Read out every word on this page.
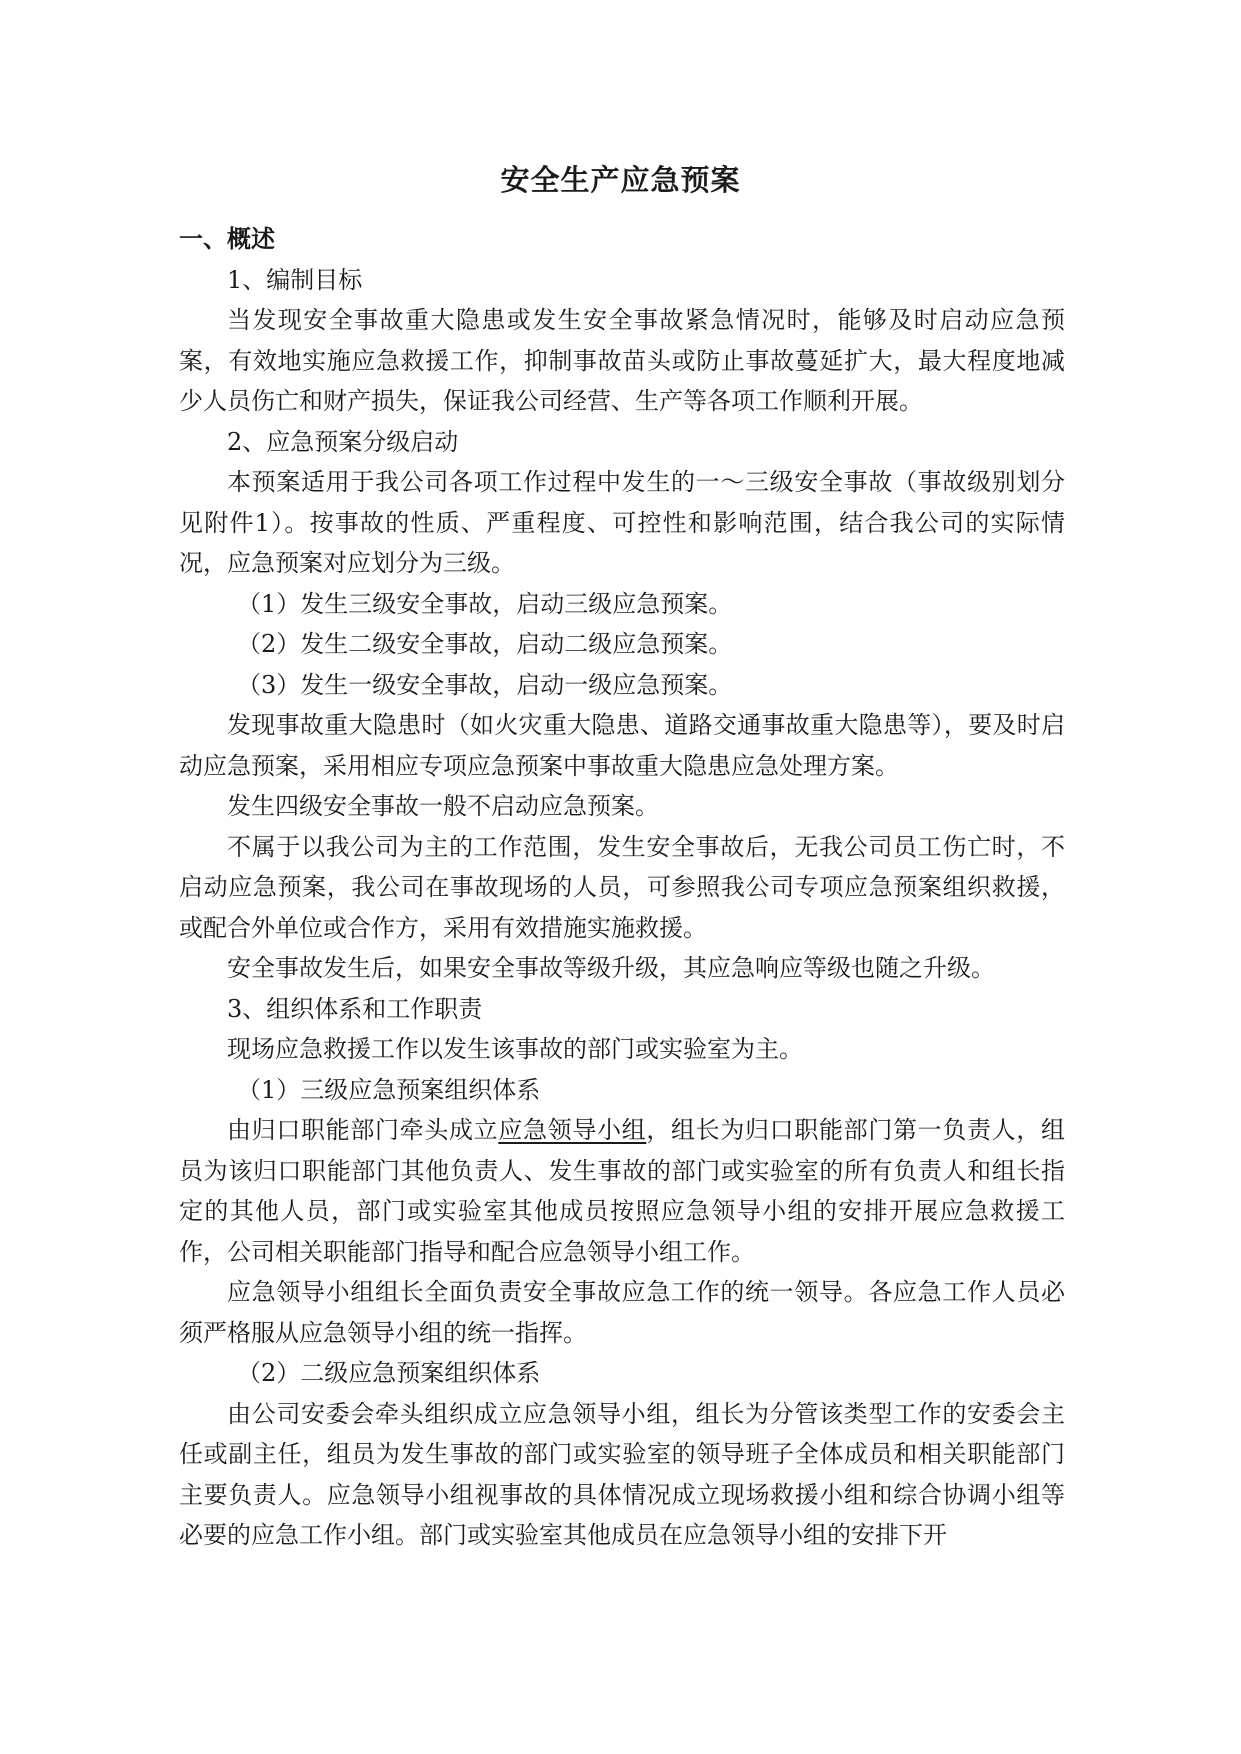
安全生产应急预案

一、概述

1、编制目标

当发现安全事故重大隐患或发生安全事故紧急情况时，能够及时启动应急预案，有效地实施应急救援工作，抑制事故苗头或防止事故蔓延扩大，最大程度地减少人员伤亡和财产损失，保证我公司经营、生产等各项工作顺利开展。

2、应急预案分级启动

本预案适用于我公司各项工作过程中发生的一～三级安全事故（事故级别划分见附件1）。按事故的性质、严重程度、可控性和影响范围，结合我公司的实际情况，应急预案对应划分为三级。

（1）发生三级安全事故，启动三级应急预案。

（2）发生二级安全事故，启动二级应急预案。

（3）发生一级安全事故，启动一级应急预案。

发现事故重大隐患时（如火灾重大隐患、道路交通事故重大隐患等），要及时启动应急预案，采用相应专项应急预案中事故重大隐患应急处理方案。

发生四级安全事故一般不启动应急预案。

不属于以我公司为主的工作范围，发生安全事故后，无我公司员工伤亡时，不启动应急预案，我公司在事故现场的人员，可参照我公司专项应急预案组织救援，或配合外单位或合作方，采用有效措施实施救援。

安全事故发生后，如果安全事故等级升级，其应急响应等级也随之升级。

3、组织体系和工作职责

现场应急救援工作以发生该事故的部门或实验室为主。

（1）三级应急预案组织体系

由归口职能部门牵头成立应急领导小组，组长为归口职能部门第一负责人，组员为该归口职能部门其他负责人、发生事故的部门或实验室的所有负责人和组长指定的其他人员，部门或实验室其他成员按照应急领导小组的安排开展应急救援工作，公司相关职能部门指导和配合应急领导小组工作。

应急领导小组组长全面负责安全事故应急工作的统一领导。各应急工作人员必须严格服从应急领导小组的统一指挥。

（2）二级应急预案组织体系

由公司安委会牵头组织成立应急领导小组，组长为分管该类型工作的安委会主任或副主任，组员为发生事故的部门或实验室的领导班子全体成员和相关职能部门主要负责人。应急领导小组视事故的具体情况成立现场救援小组和综合协调小组等必要的应急工作小组。部门或实验室其他成员在应急领导小组的安排下开
